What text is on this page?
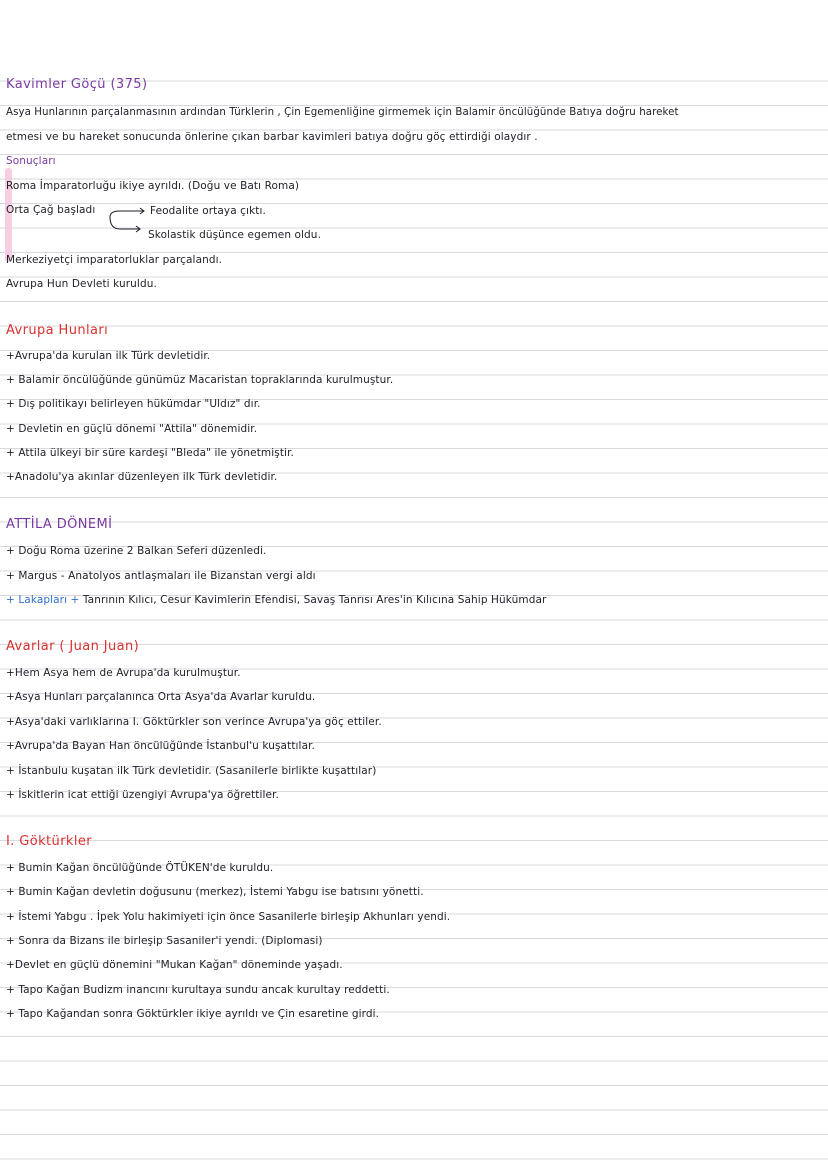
Kavimler Göçü (375)
Asya Hunlarının parçalanmasının ardından Türklerin , Çin Egemenliğine girmemek için Balamir öncülüğünde Batıya doğru hareket
etmesi ve bu hareket sonucunda önlerine çıkan barbar kavimleri batıya doğru göç ettirdiği olaydır .
Sonuçları
Roma İmparatorluğu ikiye ayrıldı. (Doğu ve Batı Roma)
Orta Çağ başladı	Feodalite ortaya çıktı.
Skolastik düşünce egemen oldu.
Merkeziyetçi imparatorluklar parçalandı.
Avrupa Hun Devleti kuruldu.
Avrupa Hunları
+Avrupa'da kurulan ilk Türk devletidir.
+ Balamir öncülüğünde günümüz Macaristan topraklarında kurulmuştur.
+ Dış politikayı belirleyen hükümdar "Uldız" dır.
+ Devletin en güçlü dönemi "Attila" dönemidir.
+ Attila ülkeyi bir süre kardeşi "Bleda" ile yönetmiştir.
+Anadolu'ya akınlar düzenleyen ilk Türk devletidir.
ATTİLA DÖNEMİ
+ Doğu Roma üzerine 2 Balkan Seferi düzenledi.
+ Margus - Anatolyos antlaşmaları ile Bizanstan vergi aldı
+ Lakapları + Tanrının Kılıcı, Cesur Kavimlerin Efendisi, Savaş Tanrısı Ares'in Kılıcına Sahip Hükümdar
Avarlar ( Juan Juan)
+Hem Asya hem de Avrupa'da kurulmuştur.
+Asya Hunları parçalanınca Orta Asya'da Avarlar kuruldu.
+Asya'daki varlıklarına I. Göktürkler son verince Avrupa'ya göç ettiler.
+Avrupa'da Bayan Han öncülüğünde İstanbul'u kuşattılar.
+ İstanbulu kuşatan ilk Türk devletidir. (Sasanilerle birlikte kuşattılar)
+ İskitlerin icat ettiği üzengiyi Avrupa'ya öğrettiler.
I. Göktürkler
+ Bumin Kağan öncülüğünde ÖTÜKEN'de kuruldu.
+ Bumin Kağan devletin doğusunu (merkez), İstemi Yabgu ise batısını yönetti.
+ İstemi Yabgu . İpek Yolu hakimiyeti için önce Sasanilerle birleşip Akhunları yendi.
+ Sonra da Bizans ile birleşip Sasaniler'i yendi. (Diplomasi)
+Devlet en güçlü dönemini "Mukan Kağan" döneminde yaşadı.
+ Tapo Kağan Budizm inancını kurultaya sundu ancak kurultay reddetti.
+ Tapo Kağandan sonra Göktürkler ikiye ayrıldı ve Çin esaretine girdi.
